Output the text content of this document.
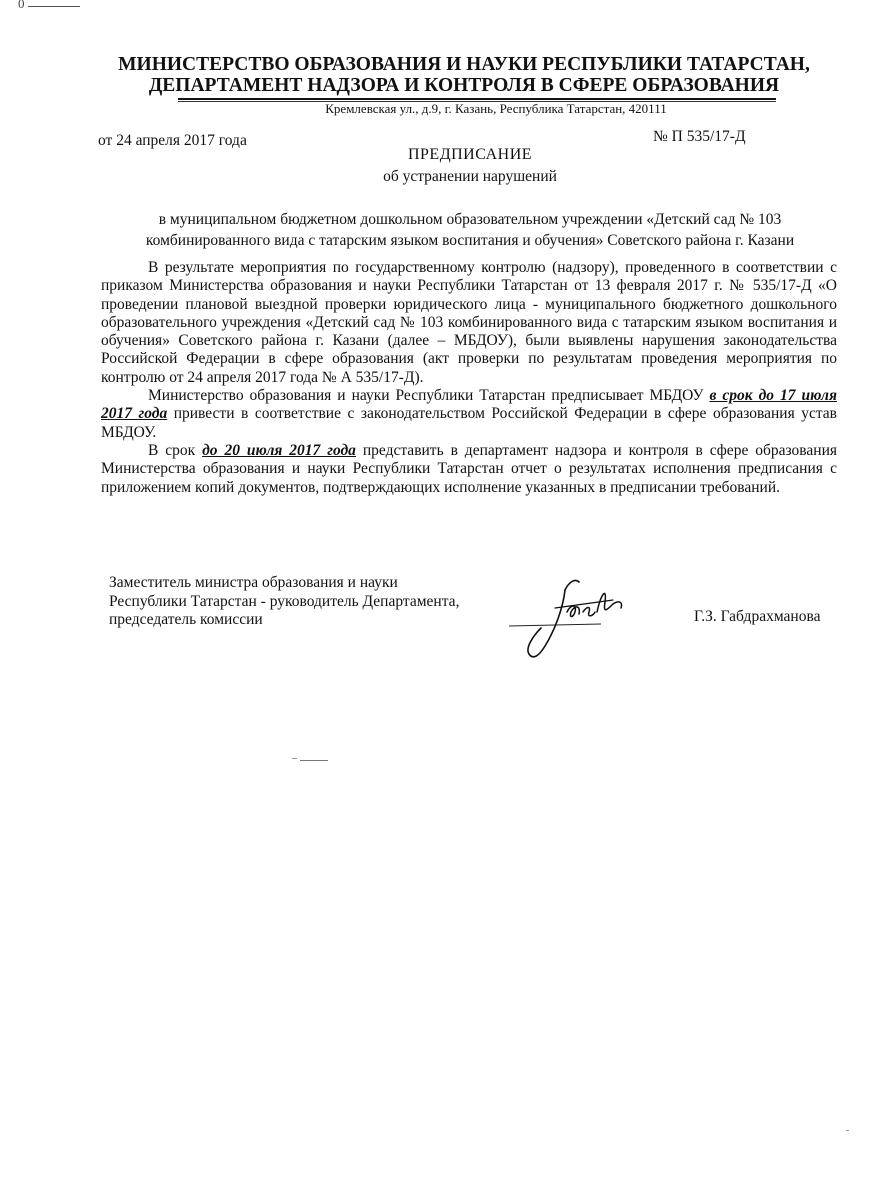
0
МИНИСТЕРСТВО ОБРАЗОВАНИЯ И НАУКИ РЕСПУБЛИКИ ТАТАРСТАН,
ДЕПАРТАМЕНТ НАДЗОРА И КОНТРОЛЯ В СФЕРЕ ОБРАЗОВАНИЯ
Кремлевская ул., д.9, г. Казань, Республика Татарстан, 420111
от 24 апреля 2017 года	№ П 535/17-Д
ПРЕДПИСАНИЕ
об устранении нарушений
в муниципальном бюджетном дошкольном образовательном учреждении «Детский сад № 103
комбинированного вида с татарским языком воспитания и обучения» Советского района г. Казани

В результате мероприятия по государственному контролю (надзору), проведенного в соответствии с приказом Министерства образования и науки Республики Татарстан от 13 февраля 2017 г. № 535/17-Д «О проведении плановой выездной проверки юридического лица - муниципального бюджетного дошкольного образовательного учреждения «Детский сад № 103 комбинированного вида с татарским языком воспитания и обучения» Советского района г. Казани (далее – МБДОУ), были выявлены нарушения законодательства Российской Федерации в сфере образования (акт проверки по результатам проведения мероприятия по контролю от 24 апреля 2017 года № А 535/17-Д).

Министерство образования и науки Республики Татарстан предписывает МБДОУ в срок до 17 июля 2017 года привести в соответствие с законодательством Российской Федерации в сфере образования устав МБДОУ.

В срок до 20 июля 2017 года представить в департамент надзора и контроля в сфере образования Министерства образования и науки Республики Татарстан отчет о результатах исполнения предписания с приложением копий документов, подтверждающих исполнение указанных в предписании требований.

Заместитель министра образования и науки
Республики Татарстан - руководитель Департамента,
председатель комиссии	Г.З. Габдрахманова
